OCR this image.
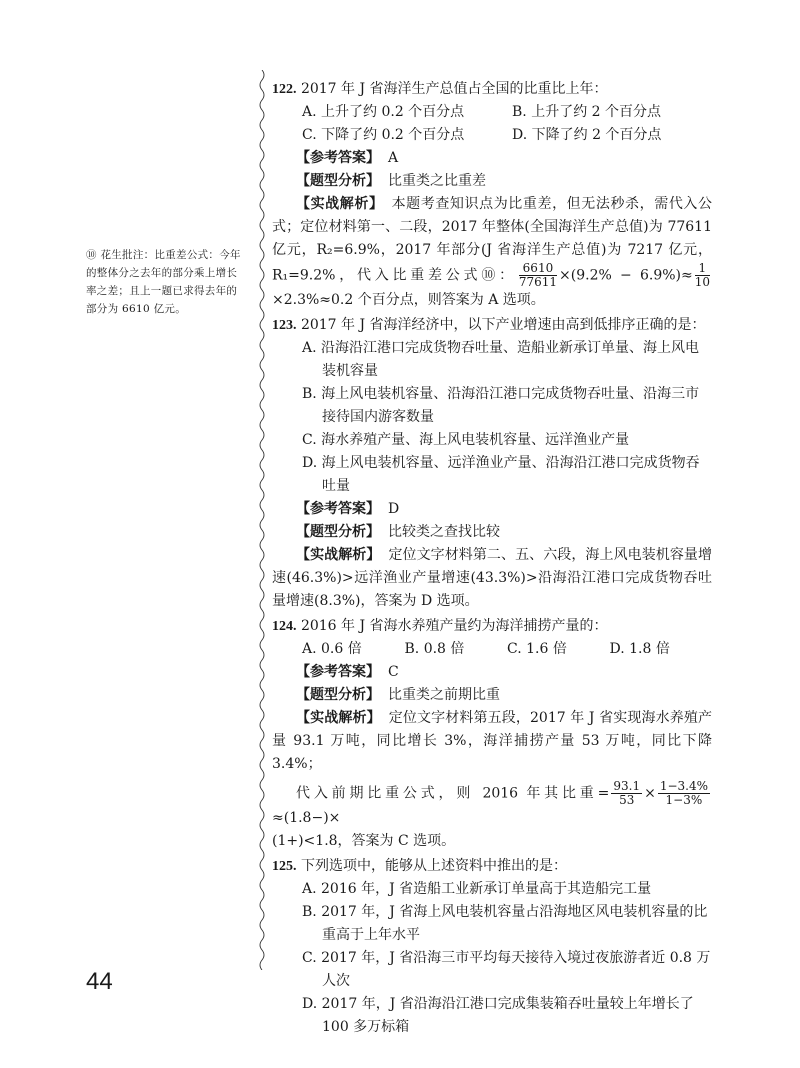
⑩ 花生批注：比重差公式：今年的整体分之去年的部分乘上增长率之差；且上一题已求得去年的部分为 6610 亿元。
122. 2017 年 J 省海洋生产总值占全国的比重比上年：
A. 上升了约 0.2 个百分点	B. 上升了约 2 个百分点
C. 下降了约 0.2 个百分点	D. 下降了约 2 个百分点
【参考答案】 A
【题型分析】 比重类之比重差
【实战解析】 本题考查知识点为比重差，但无法秒杀，需代入公式；定位材料第一、二段，2017 年整体(全国海洋生产总值)为 77611 亿元，R₂=6.9%，2017 年部分(J 省海洋生产总值)为 7217 亿元，R₁=9.2%，代入比重差公式⑩： $\frac{6610}{77611} \times(9.2\% - 6.9\%)\approx \frac{1}{10}$
×2.3%≈0.2 个百分点，则答案为 A 选项。
123. 2017 年 J 省海洋经济中，以下产业增速由高到低排序正确的是：
A. 沿海沿江港口完成货物吞吐量、造船业新承订单量、海上风电装机容量
B. 海上风电装机容量、沿海沿江港口完成货物吞吐量、沿海三市接待国内游客数量
C. 海水养殖产量、海上风电装机容量、远洋渔业产量
D. 海上风电装机容量、远洋渔业产量、沿海沿江港口完成货物吞吐量
【参考答案】 D
【题型分析】 比较类之查找比较
【实战解析】 定位文字材料第二、五、六段，海上风电装机容量增速(46.3%)>远洋渔业产量增速(43.3%)>沿海沿江港口完成货物吞吐量增速(8.3%)，答案为 D 选项。
124. 2016 年 J 省海水养殖产量约为海洋捕捞产量的：
A. 0.6 倍	B. 0.8 倍	C. 1.6 倍	D. 1.8 倍
【参考答案】 C
【题型分析】 比重类之前期比重
【实战解析】 定位文字材料第五段，2017 年 J 省实现海水养殖产量 93.1 万吨，同比增长 3%，海洋捕捞产量 53 万吨，同比下降 3.4%；
代入前期比重公式，则 2016 年其比重= $\frac{93.1}{53} \times \frac{1-3.4\%}{1-3\%}$
≈(1.8−)×
(1+)<1.8，答案为 C 选项。
125. 下列选项中，能够从上述资料中推出的是：
A. 2016 年，J 省造船工业新承订单量高于其造船完工量
B. 2017 年，J 省海上风电装机容量占沿海地区风电装机容量的比重高于上年水平
C. 2017 年，J 省沿海三市平均每天接待入境过夜旅游者近 0.8 万人次
D. 2017 年，J 省沿海沿江港口完成集装箱吞吐量较上年增长了 100 多万标箱
44
